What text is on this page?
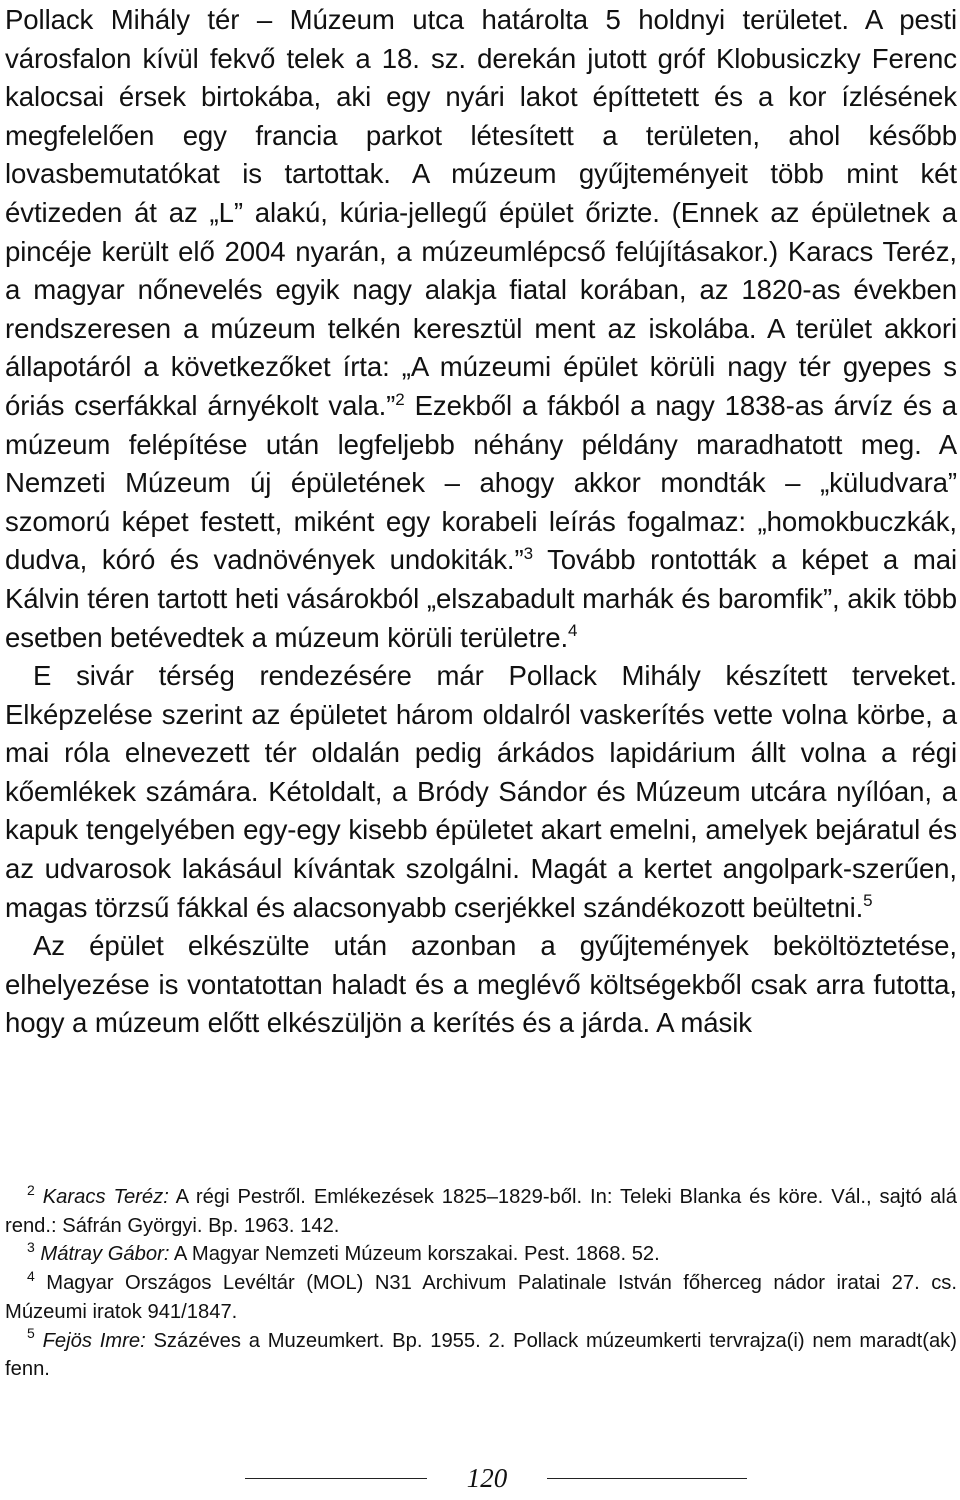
Pollack Mihály tér – Múzeum utca határolta 5 holdnyi területet. A pesti városfalon kívül fekvő telek a 18. sz. derekán jutott gróf Klobusiczky Ferenc kalocsai érsek birtokába, aki egy nyári lakot építtetett és a kor ízlésének megfelelően egy francia parkot létesített a területen, ahol később lovasbemutatókat is tartottak. A múzeum gyűjteményeit több mint két évtizeden át az „L” alakú, kúria-jellegű épület őrizte. (Ennek az épületnek a pincéje került elő 2004 nyarán, a múzeumlépcső felújításakor.) Karacs Teréz, a magyar nőnevelés egyik nagy alakja fiatal korában, az 1820-as években rendszeresen a múzeum telkén keresztül ment az iskolába. A terület akkori állapotáról a következőket írta: „A múzeumi épület körüli nagy tér gyepes s óriás cserfákkal árnyékolt vala.”$^2$ Ezekből a fákból a nagy 1838-as árvíz és a múzeum felépítése után legfeljebb néhány példány maradhatott meg. A Nemzeti Múzeum új épületének – ahogy akkor mondták – „küludvara” szomorú képet festett, miként egy korabeli leírás fogalmaz: „homokbuczkák, dudva, kóró és vadnövények undokiták.”$^3$ Tovább rontották a képet a mai Kálvin téren tartott heti vásárokból „elszabadult marhák és baromfik”, akik több esetben betévedtek a múzeum körüli területre.$^4$

E sivár térség rendezésére már Pollack Mihály készített terveket. Elképzelése szerint az épületet három oldalról vaskerítés vette volna körbe, a mai róla elnevezett tér oldalán pedig árkádos lapidárium állt volna a régi kőemlékek számára. Kétoldalt, a Bródy Sándor és Múzeum utcára nyílóan, a kapuk tengelyében egy-egy kisebb épületet akart emelni, amelyek bejáratul és az udvarosok lakásául kívántak szolgálni. Magát a kertet angolpark-szerűen, magas törzsű fákkal és alacsonyabb cserjékkel szándékozott beültetni.$^5$

Az épület elkészülte után azonban a gyűjtemények beköltöztetése, elhelyezése is vontatottan haladt és a meglévő költségekből csak arra futotta, hogy a múzeum előtt elkészüljön a kerítés és a járda. A másik

$^2$ Karacs Teréz: A régi Pestről. Emlékezések 1825–1829-ből. In: Teleki Blanka és köre. Vál., sajtó alá rend.: Sáfrán Györgyi. Bp. 1963. 142.

$^3$ Mátray Gábor: A Magyar Nemzeti Múzeum korszakai. Pest. 1868. 52.

$^4$ Magyar Országos Levéltár (MOL) N31 Archivum Palatinale István főherceg nádor iratai 27. cs. Múzeumi iratok 941/1847.

$^5$ Fejös Imre: Százéves a Muzeumkert. Bp. 1955. 2. Pollack múzeumkerti tervrajza(i) nem maradt(ak) fenn.

120
